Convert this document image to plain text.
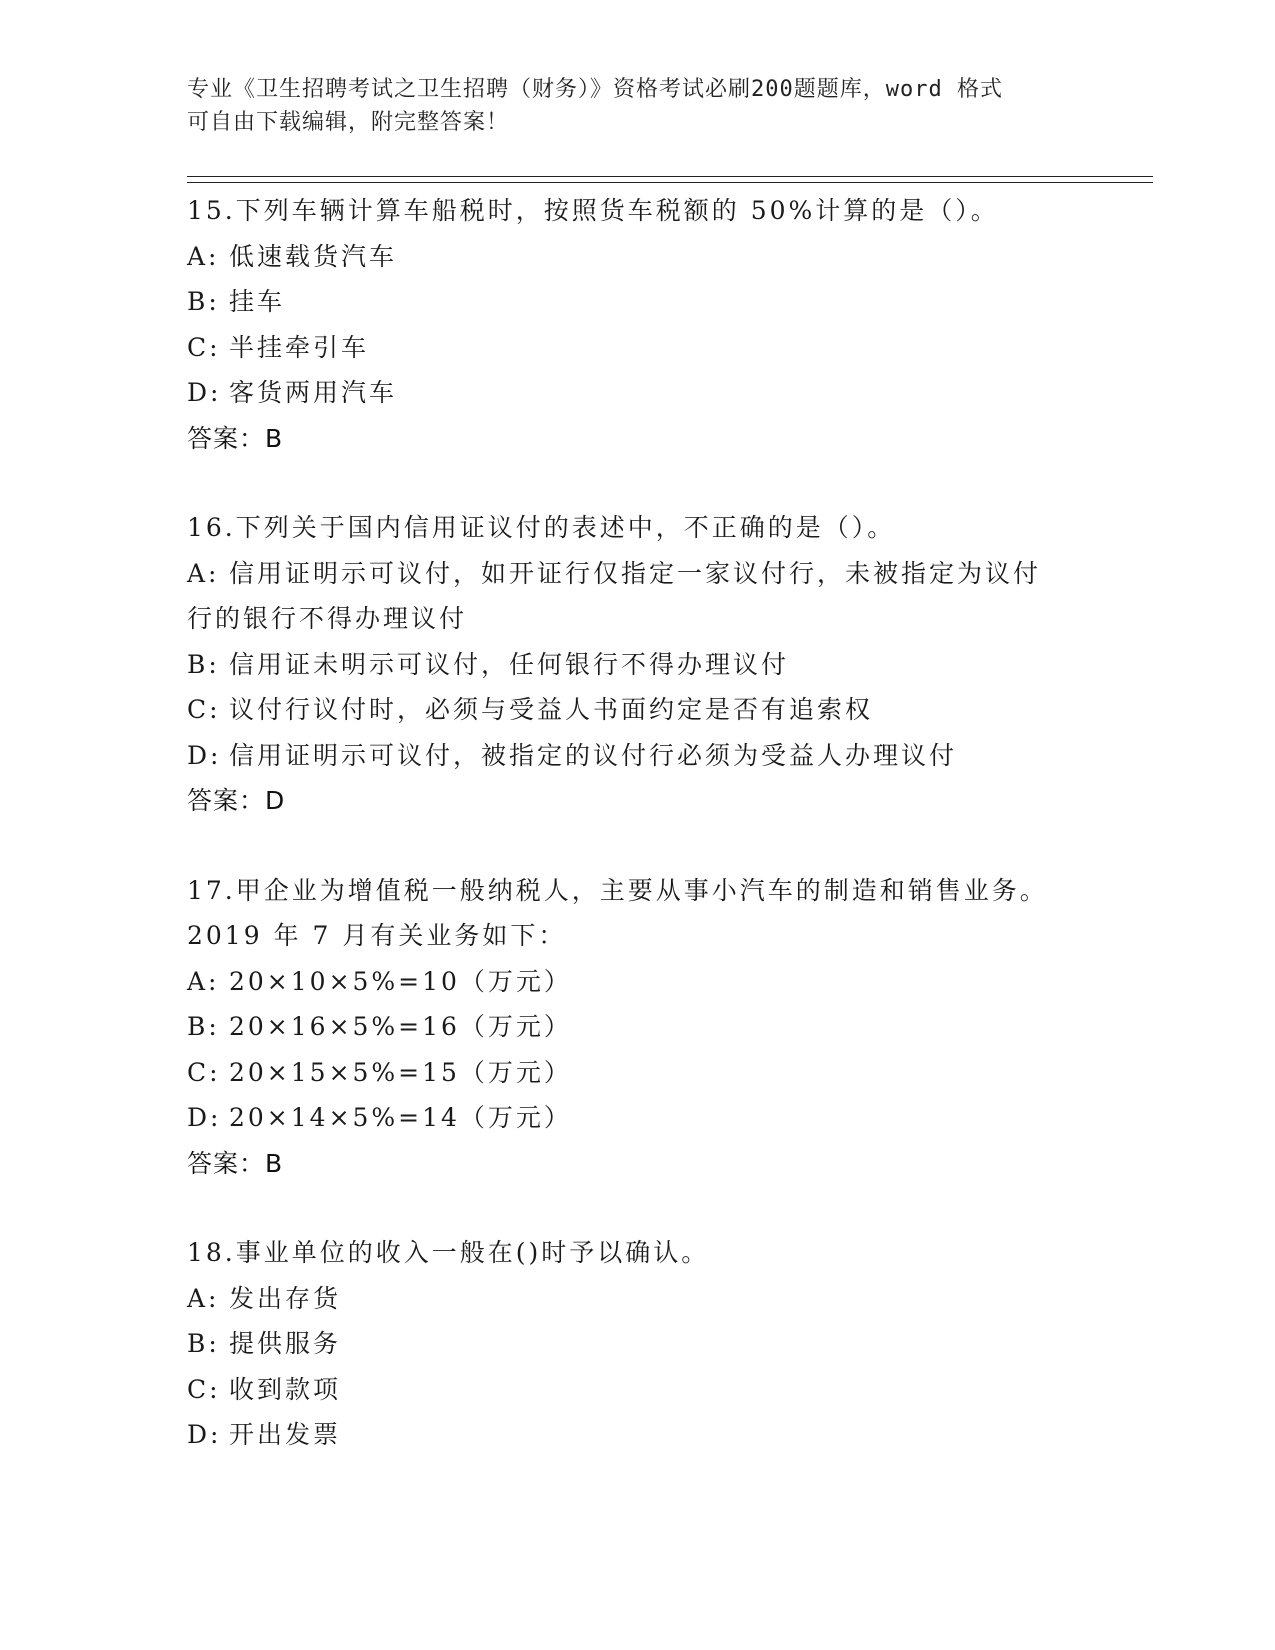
专业《卫生招聘考试之卫生招聘（财务）》资格考试必刷200题题库，word 格式
可自由下载编辑，附完整答案！
15.下列车辆计算车船税时，按照货车税额的 50%计算的是（）。
A: 低速载货汽车
B: 挂车
C: 半挂牵引车
D: 客货两用汽车
答案：B
16.下列关于国内信用证议付的表述中，不正确的是（）。
A: 信用证明示可议付，如开证行仅指定一家议付行，未被指定为议付
行的银行不得办理议付
B: 信用证未明示可议付，任何银行不得办理议付
C: 议付行议付时，必须与受益人书面约定是否有追索权
D: 信用证明示可议付，被指定的议付行必须为受益人办理议付
答案：D
17.甲企业为增值税一般纳税人，主要从事小汽车的制造和销售业务。
2019 年 7 月有关业务如下：
A: 20×10×5%=10（万元）
B: 20×16×5%=16（万元）
C: 20×15×5%=15（万元）
D: 20×14×5%=14（万元）
答案：B
18.事业单位的收入一般在()时予以确认。
A: 发出存货
B: 提供服务
C: 收到款项
D: 开出发票
